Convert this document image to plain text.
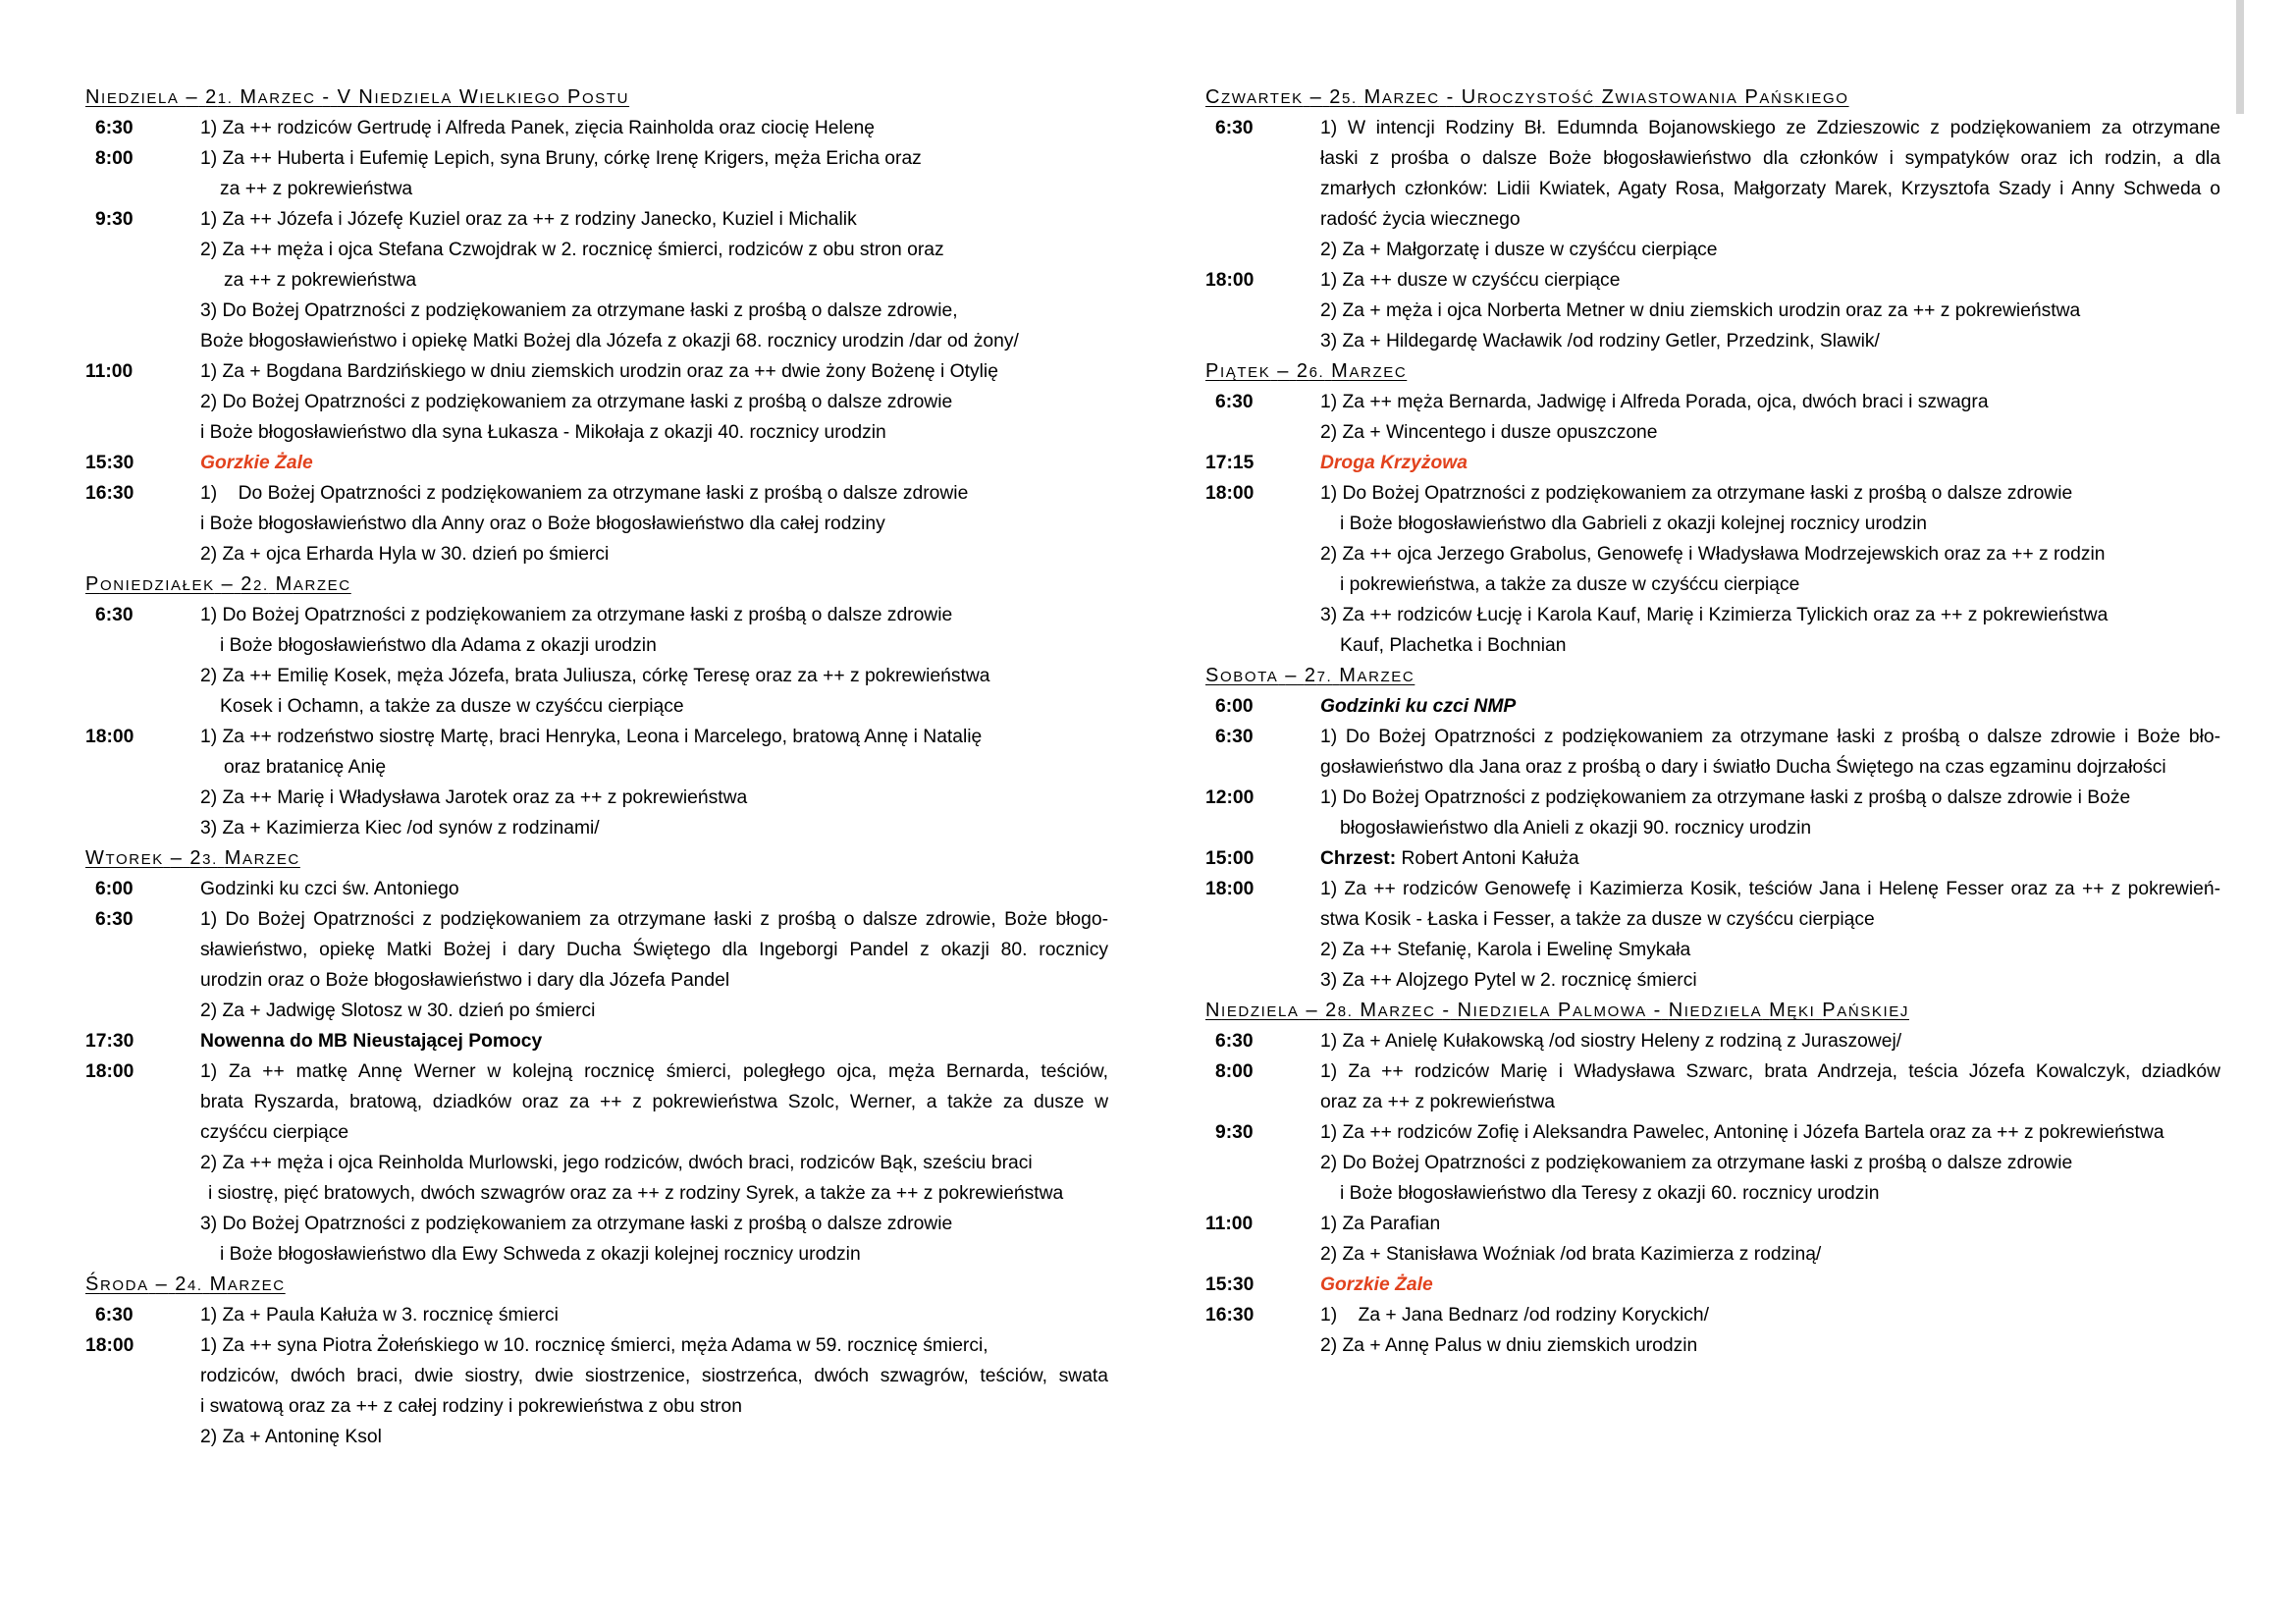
NIEDZIELA – 21. MARZEC - V NIEDZIELA WIELKIEGO POSTU
6:30	1) Za ++ rodziców Gertrudę i Alfreda Panek, zięcia Rainholda oraz ciocię Helenę
8:00	1) Za ++ Huberta i Eufemię Lepich, syna Bruny, córkę Irenę Krigers, męża Ericha oraz
za ++ z pokrewieństwa
9:30	1) Za ++ Józefa i Józefę Kuziel oraz za ++ z rodziny Janecko, Kuziel i Michalik
2) Za ++ męża i ojca Stefana Czwojdrak w 2. rocznicę śmierci, rodziców z obu stron oraz
za ++ z pokrewieństwa
3) Do Bożej Opatrzności z podziękowaniem za otrzymane łaski z prośbą o dalsze zdrowie,
Boże błogosławieństwo i opiekę Matki Bożej dla Józefa z okazji 68. rocznicy urodzin /dar od żony/
11:00	1) Za + Bogdana Bardzińskiego w dniu ziemskich urodzin oraz za ++ dwie żony Bożenę i Otylię
2) Do Bożej Opatrzności z podziękowaniem za otrzymane łaski z prośbą o dalsze zdrowie
i Boże błogosławieństwo dla syna Łukasza - Mikołaja z okazji 40. rocznicy urodzin
15:30	Gorzkie Żale
16:30	1)    Do Bożej Opatrzności z podziękowaniem za otrzymane łaski z prośbą o dalsze zdrowie
i Boże błogosławieństwo dla Anny oraz o Boże błogosławieństwo dla całej rodziny
2) Za + ojca Erharda Hyla w 30. dzień po śmierci
PONIEDZIAŁEK – 22. MARZEC
6:30	1) Do Bożej Opatrzności z podziękowaniem za otrzymane łaski z prośbą o dalsze zdrowie
i Boże błogosławieństwo dla Adama z okazji urodzin
2) Za ++ Emilię Kosek, męża Józefa, brata Juliusza, córkę Teresę oraz za ++ z pokrewieństwa
Kosek i Ochamn, a także za dusze w czyśćcu cierpiące
18:00	1) Za ++ rodzeństwo siostrę Martę, braci Henryka, Leona i Marcelego, bratową Annę i Natalię
oraz bratanicę Anię
2) Za ++ Marię i Władysława Jarotek oraz za ++ z pokrewieństwa
3) Za + Kazimierza Kiec /od synów z rodzinami/
WTOREK – 23. MARZEC
6:00	Godzinki ku czci św. Antoniego
6:30	1) Do Bożej Opatrzności z podziękowaniem za otrzymane łaski z prośbą o dalsze zdrowie, Boże błogo-
sławieństwo, opiekę Matki Bożej i dary Ducha Świętego dla Ingeborgi Pandel z okazji 80. rocznicy
urodzin oraz o Boże błogosławieństwo i dary dla Józefa Pandel
2) Za + Jadwigę Slotosz w 30. dzień po śmierci
17:30	Nowenna do MB Nieustającej Pomocy
18:00	1) Za ++ matkę Annę Werner w kolejną rocznicę śmierci, poległego ojca, męża Bernarda, teściów,
brata Ryszarda, bratową, dziadków oraz za ++ z pokrewieństwa Szolc, Werner, a także za dusze w
czyśćcu cierpiące
2) Za ++ męża i ojca Reinholda Murlowski, jego rodziców, dwóch braci, rodziców Bąk, sześciu braci
i siostrę, pięć bratowych, dwóch szwagrów oraz za ++ z rodziny Syrek, a także za ++ z pokrewieństwa
3) Do Bożej Opatrzności z podziękowaniem za otrzymane łaski z prośbą o dalsze zdrowie
i Boże błogosławieństwo dla Ewy Schweda z okazji kolejnej rocznicy urodzin
ŚRODA – 24. MARZEC
6:30	1) Za + Paula Kałuża w 3. rocznicę śmierci
18:00	1) Za ++ syna Piotra Żołeńskiego w 10. rocznicę śmierci, męża Adama w 59. rocznicę śmierci,
rodziców, dwóch braci, dwie siostry, dwie siostrzenice, siostrzeńca, dwóch szwagrów, teściów, swata
i swatową oraz za ++ z całej rodziny i pokrewieństwa z obu stron
2) Za + Antoninę Ksol
CZWARTEK – 25. MARZEC - UROCZYSTOŚĆ ZWIASTOWANIA PAŃSKIEGO
6:30	1) W intencji Rodziny Bł. Edumnda Bojanowskiego ze Zdzieszowic z podziękowaniem za otrzymane
łaski z prośba o dalsze Boże błogosławieństwo dla członków i sympatyków oraz ich rodzin, a dla
zmarłych członków: Lidii Kwiatek, Agaty Rosa, Małgorzaty Marek, Krzysztofa Szady i Anny Schweda o
radość życia wiecznego
2) Za + Małgorzatę i dusze w czyśćcu cierpiące
18:00	1) Za ++ dusze w czyśćcu cierpiące
2) Za + męża i ojca Norberta Metner w dniu ziemskich urodzin oraz za ++ z pokrewieństwa
3) Za + Hildegardę Wacławik /od rodziny Getler, Przedzink, Slawik/
PIĄTEK – 26. MARZEC
6:30	1) Za ++ męża Bernarda, Jadwigę i Alfreda Porada, ojca, dwóch braci i szwagra
2) Za + Wincentego i dusze opuszczone
17:15	Droga Krzyżowa
18:00	1) Do Bożej Opatrzności z podziękowaniem za otrzymane łaski z prośbą o dalsze zdrowie
i Boże błogosławieństwo dla Gabrieli z okazji kolejnej rocznicy urodzin
2) Za ++ ojca Jerzego Grabolus, Genowefę i Władysława Modrzejewskich oraz za ++ z rodzin
i pokrewieństwa, a także za dusze w czyśćcu cierpiące
3) Za ++ rodziców Łucję i Karola Kauf, Marię i Kzimierza Tylickich oraz za ++ z pokrewieństwa
Kauf, Plachetka i Bochnian
SOBOTA – 27. MARZEC
6:00	Godzinki ku czci NMP
6:30	1) Do Bożej Opatrzności z podziękowaniem za otrzymane łaski z prośbą o dalsze zdrowie i Boże bło-
gosławieństwo dla Jana oraz z prośbą o dary i światło Ducha Świętego na czas egzaminu dojrzałości
12:00	1) Do Bożej Opatrzności z podziękowaniem za otrzymane łaski z prośbą o dalsze zdrowie i Boże
błogosławieństwo dla Anieli z okazji 90. rocznicy urodzin
15:00	Chrzest: Robert Antoni Kałuża
18:00	1) Za ++ rodziców Genowefę i Kazimierza Kosik, teściów Jana i Helenę Fesser oraz za ++ z pokrewień-
stwa Kosik - Łaska i Fesser, a także za dusze w czyśćcu cierpiące
2) Za ++ Stefanię, Karola i Ewelinę Smykała
3) Za ++ Alojzego Pytel w 2. rocznicę śmierci
NIEDZIELA – 28. MARZEC - NIEDZIELA PALMOWA - NIEDZIELA MĘKI PAŃSKIEJ
6:30	1) Za + Anielę Kułakowską /od siostry Heleny z rodziną z Juraszowej/
8:00	1) Za ++ rodziców Marię i Władysława Szwarc, brata Andrzeja, teścia Józefa Kowalczyk, dziadków
oraz za ++ z pokrewieństwa
9:30	1) Za ++ rodziców Zofię i Aleksandra Pawelec, Antoninę i Józefa Bartela oraz za ++ z pokrewieństwa
2) Do Bożej Opatrzności z podziękowaniem za otrzymane łaski z prośbą o dalsze zdrowie
i Boże błogosławieństwo dla Teresy z okazji 60. rocznicy urodzin
11:00	1) Za Parafian
2) Za + Stanisława Woźniak /od brata Kazimierza z rodziną/
15:30	Gorzkie Żale
16:30	1)    Za + Jana Bednarz /od rodziny Koryckich/
2) Za + Annę Palus w dniu ziemskich urodzin
